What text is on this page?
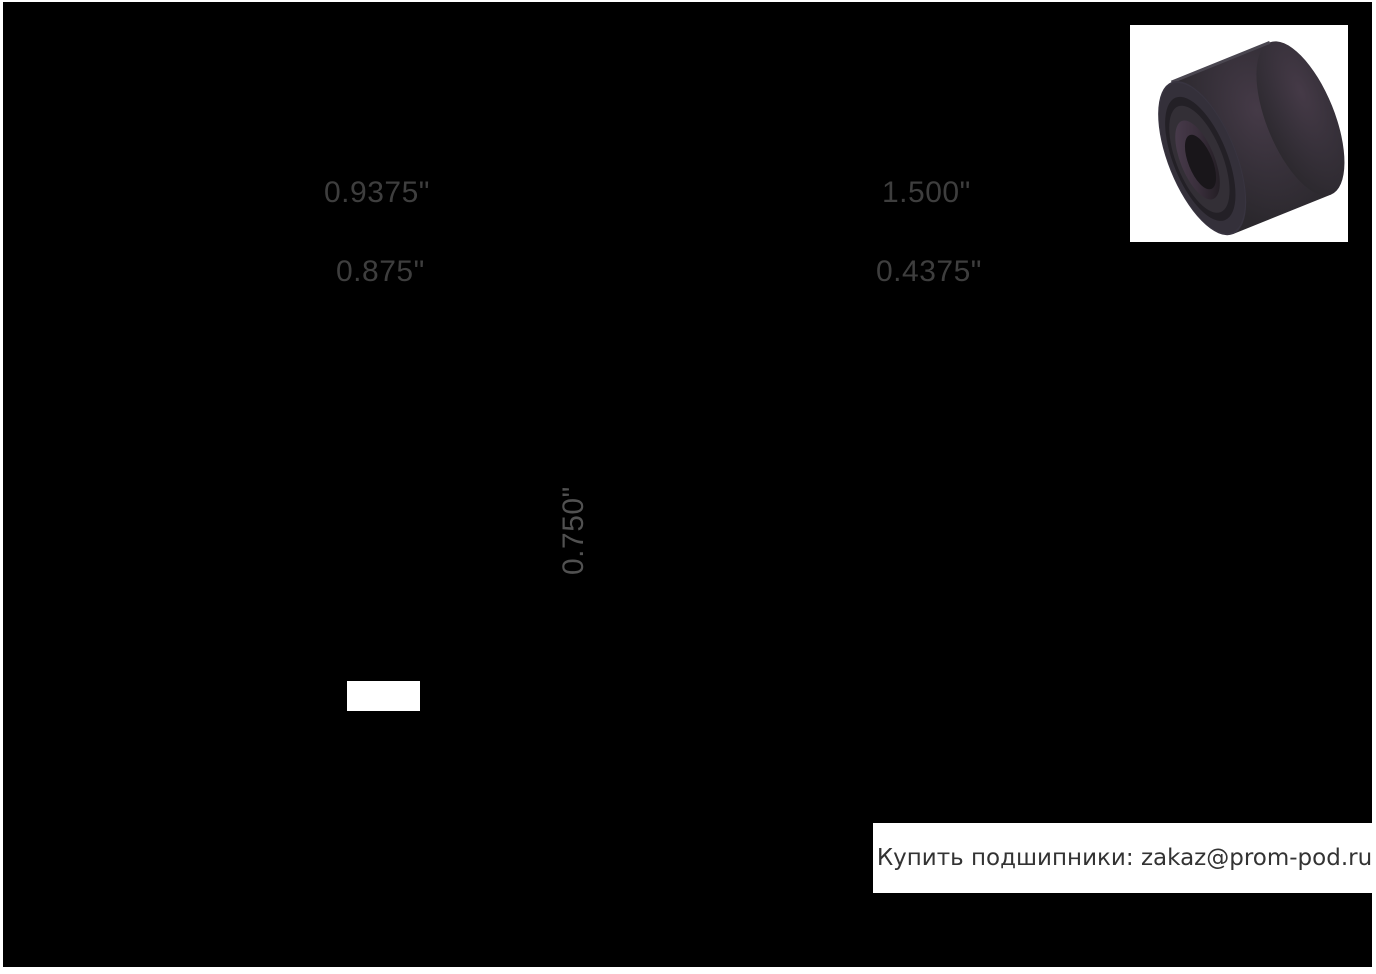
0.9375"
0.875"
1.500"
0.4375"
0.750"
Купить подшипники: zakaz@prom-pod.ru
